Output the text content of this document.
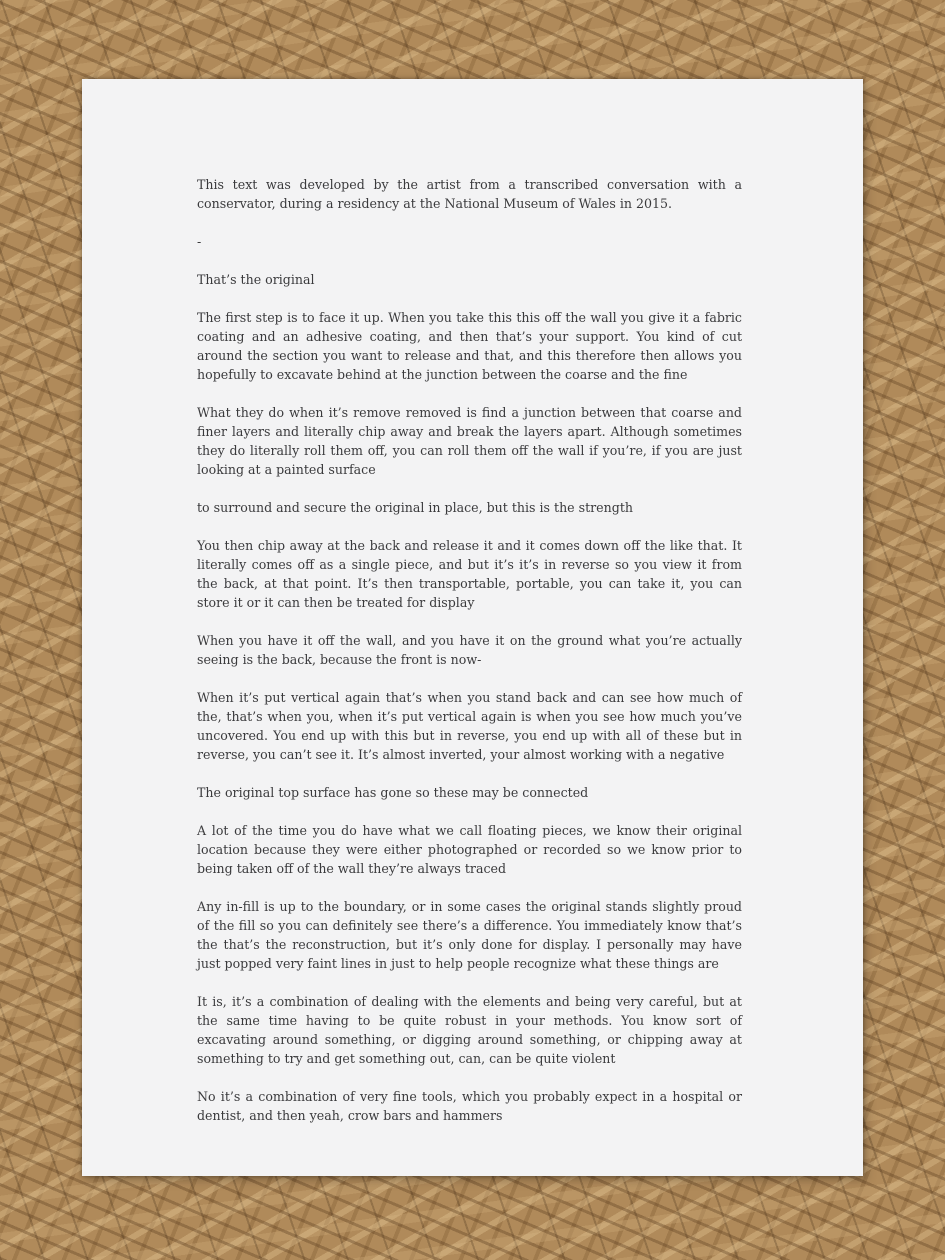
This text was developed by the artist from a transcribed conversation with a conservator, during a residency at the National Museum of Wales in 2015.

-

That’s the original

The first step is to face it up. When you take this this off the wall you give it a fabric coating and an adhesive coating, and then that’s your support. You kind of cut around the section you want to release and that, and this therefore then allows you hopefully to excavate behind at the junction between the coarse and the fine

What they do when it’s remove removed is find a junction between that coarse and finer layers and literally chip away and break the layers apart. Although sometimes they do literally roll them off, you can roll them off the wall if you’re, if you are just looking at a painted surface

to surround and secure the original in place, but this is the strength

You then chip away at the back and release it and it comes down off the like that. It literally comes off as a single piece, and but it’s it’s in reverse so you view it from the back, at that point. It’s then transportable, portable, you can take it, you can store it or it can then be treated for display

When you have it off the wall, and you have it on the ground what you’re actually seeing is the back, because the front is now-

When it’s put vertical again that’s when you stand back and can see how much of the, that’s when you, when it’s put vertical again is when you see how much you’ve uncovered. You end up with this but in reverse, you end up with all of these but in reverse, you can’t see it. It’s almost inverted, your almost working with a negative

The original top surface has gone so these may be connected

A lot of the time you do have what we call floating pieces, we know their original location because they were either photographed or recorded so we know prior to being taken off of the wall they’re always traced

Any in-fill is up to the boundary, or in some cases the original stands slightly proud of the fill so you can definitely see there’s a difference. You immediately know that’s the that’s the reconstruction, but it’s only done for display. I personally may have just popped very faint lines in just to help people recognize what these things are

It is, it’s a combination of dealing with the elements and being very careful, but at the same time having to be quite robust in your methods. You know sort of excavating around something, or digging around something, or chipping away at something to try and get something out, can, can be quite violent

No it’s a combination of very fine tools, which you probably expect in a hospital or dentist, and then yeah, crow bars and hammers
